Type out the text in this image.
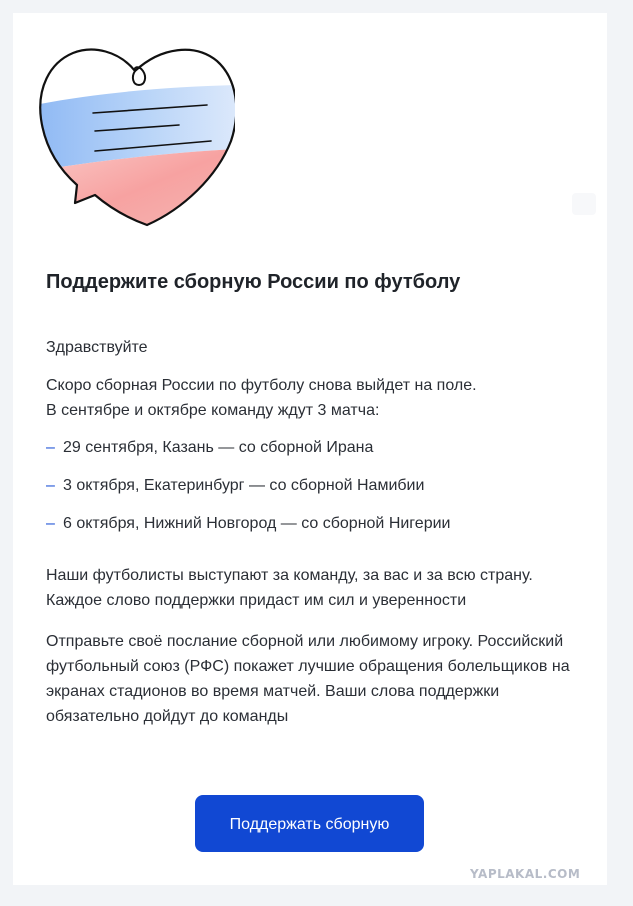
Поддержите сборную России по футболу

Здравствуйте

Скоро сборная России по футболу снова выйдет на поле.
В сентябре и октябре команду ждут 3 матча:

– 29 сентября, Казань — со сборной Ирана
– 3 октября, Екатеринбург — со сборной Намибии
– 6 октября, Нижний Новгород — со сборной Нигерии

Наши футболисты выступают за команду, за вас и за всю страну. Каждое слово поддержки придаст им сил и уверенности

Отправьте своё послание сборной или любимому игроку. Российский футбольный союз (РФС) покажет лучшие обращения болельщиков на экранах стадионов во время матчей. Ваши слова поддержки обязательно дойдут до команды

Поддержать сборную
YAPLAKAL.COM
